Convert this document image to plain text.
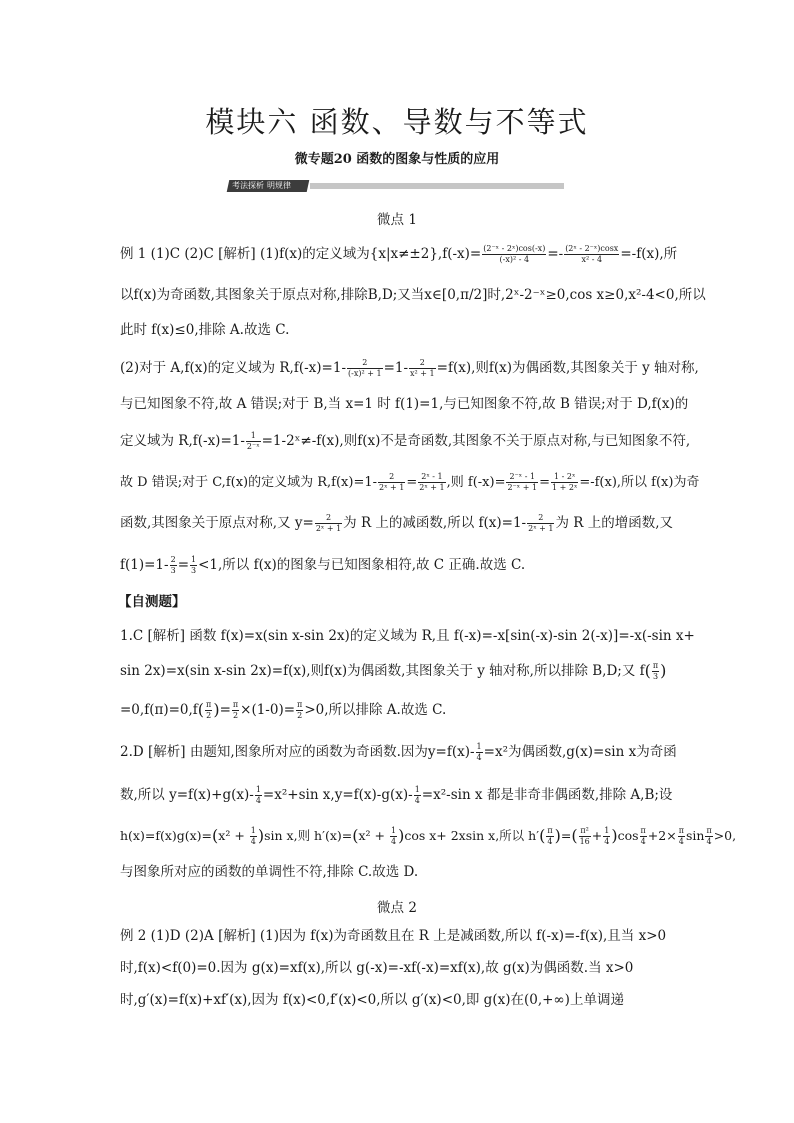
模块六 函数、导数与不等式
微专题20 函数的图象与性质的应用
考法探析 明规律
微点 1
例 1 (1)C (2)C [解析] (1)f(x)的定义域为$\{x|x\ne\pm 2\},f(-x)= \frac{\text{(2⁻ˣ - 2ˣ)cos(-x)}}{\text{(-x)² - 4}} =- \frac{\text{(2ˣ - 2⁻ˣ)cosx}}{\text{x² - 4}} =-f(x)$,所
以f(x)为奇函数,其图象关于原点对称,排除B,D;又当x∈[0,π/2]时,2ˣ-2⁻ˣ≥0,cos x≥0,x²-4<0,所以
此时 f(x)≤0,排除 A.故选 C.
(2)对于 A,f(x)的定义域为 $R,f(-x)=1- \frac{2}{\text{(-x)² + 1}} =1- \frac{2}{\text{x² + 1}} =f(x)$,则f(x)为偶函数,其图象关于 y 轴对称,
与已知图象不符,故 A 错误;对于 B,当 x=1 时 f(1)=1,与已知图象不符,故 B 错误;对于 D,f(x)的
定义域为 $R,f(-x)=1- \frac{1}{\text{2⁻ˣ}}$ =1-2ˣ≠-f(x),则f(x)不是奇函数,其图象不关于原点对称,与已知图象不符,
故 D 错误;对于 C,f(x)的定义域为 $R,f(x)=1- \frac{2}{\text{2ˣ + 1}} = \frac{\text{2ˣ - 1}}{\text{2ˣ + 1}}$ ,则 $f(-x)= \frac{\text{2⁻ˣ - 1}}{\text{2⁻ˣ + 1}} = \frac{\text{1 - 2ˣ}}{\text{1 + 2ˣ}} =-f(x)$,所以 f(x)为奇
函数,其图象关于原点对称,又 $y= \frac{2}{\text{2ˣ + 1}}$ 为 R 上的减函数,所以 $f(x)=1- \frac{2}{\text{2ˣ + 1}}$ 为 R 上的增函数,又
$f(1)=1- \frac{2}{3} = \frac{1}{3} <1$,所以 f(x)的图象与已知图象相符,故 C 正确.故选 C.
【自测题】
1.C [解析] 函数 f(x)=x(sin x-sin 2x)的定义域为 R,且 f(-x)=-x[sin(-x)-sin 2(-x)]=-x(-sin x+
sin 2x)=x(sin x-sin 2x)=f(x),则f(x)为偶函数,其图象关于 y 轴对称,所以排除 B,D;又 $f( \frac{\pi}{3}$ )
$=0,f(\pi)=0,f( \frac{\pi}{2}$ )= $\frac{\pi}{2} \times(1-0)= \frac{\pi}{2} >0$,所以排除 A.故选 C.
2.D [解析] 由题知,图象所对应的函数为奇函数.因为$y=f(x)- \frac{1}{4} =x^2$为偶函数,g(x)=sin x为奇函
数,所以 $y=f(x)+g(x)- \frac{1}{4} =x^2+\sin$ $x,y=f(x)-g(x)- \frac{1}{4} =x^2-\sin$ x 都是非奇非偶函数,排除 A,B;设
$h(x)=f(x)g(x)=(x^2 + \frac{1}{4} )\sin$ x,则 $h'(x)=(x^2 + \frac{1}{4} )\cos$ x+ 2xsin x,所以 $h'( \frac{\pi}{4}$ )=( $\frac{\text{π²}}{16} + \frac{1}{4} )\cos \frac{\pi}{4} +2\times \frac{\pi}{4}$ $\sin \frac{\pi}{4} >0$,
与图象所对应的函数的单调性不符,排除 C.故选 D.
微点 2
例 2 (1)D (2)A [解析] (1)因为 f(x)为奇函数且在 R 上是减函数,所以 f(-x)=-f(x),且当 x>0
时,f(x)<f(0)=0.因为 g(x)=xf(x),所以 g(-x)=-xf(-x)=xf(x),故 g(x)为偶函数.当 x>0
时,g′(x)=f(x)+xf′(x),因为 f(x)<0,f′(x)<0,所以 g′(x)<0,即 g(x)在(0,+∞)上单调递
